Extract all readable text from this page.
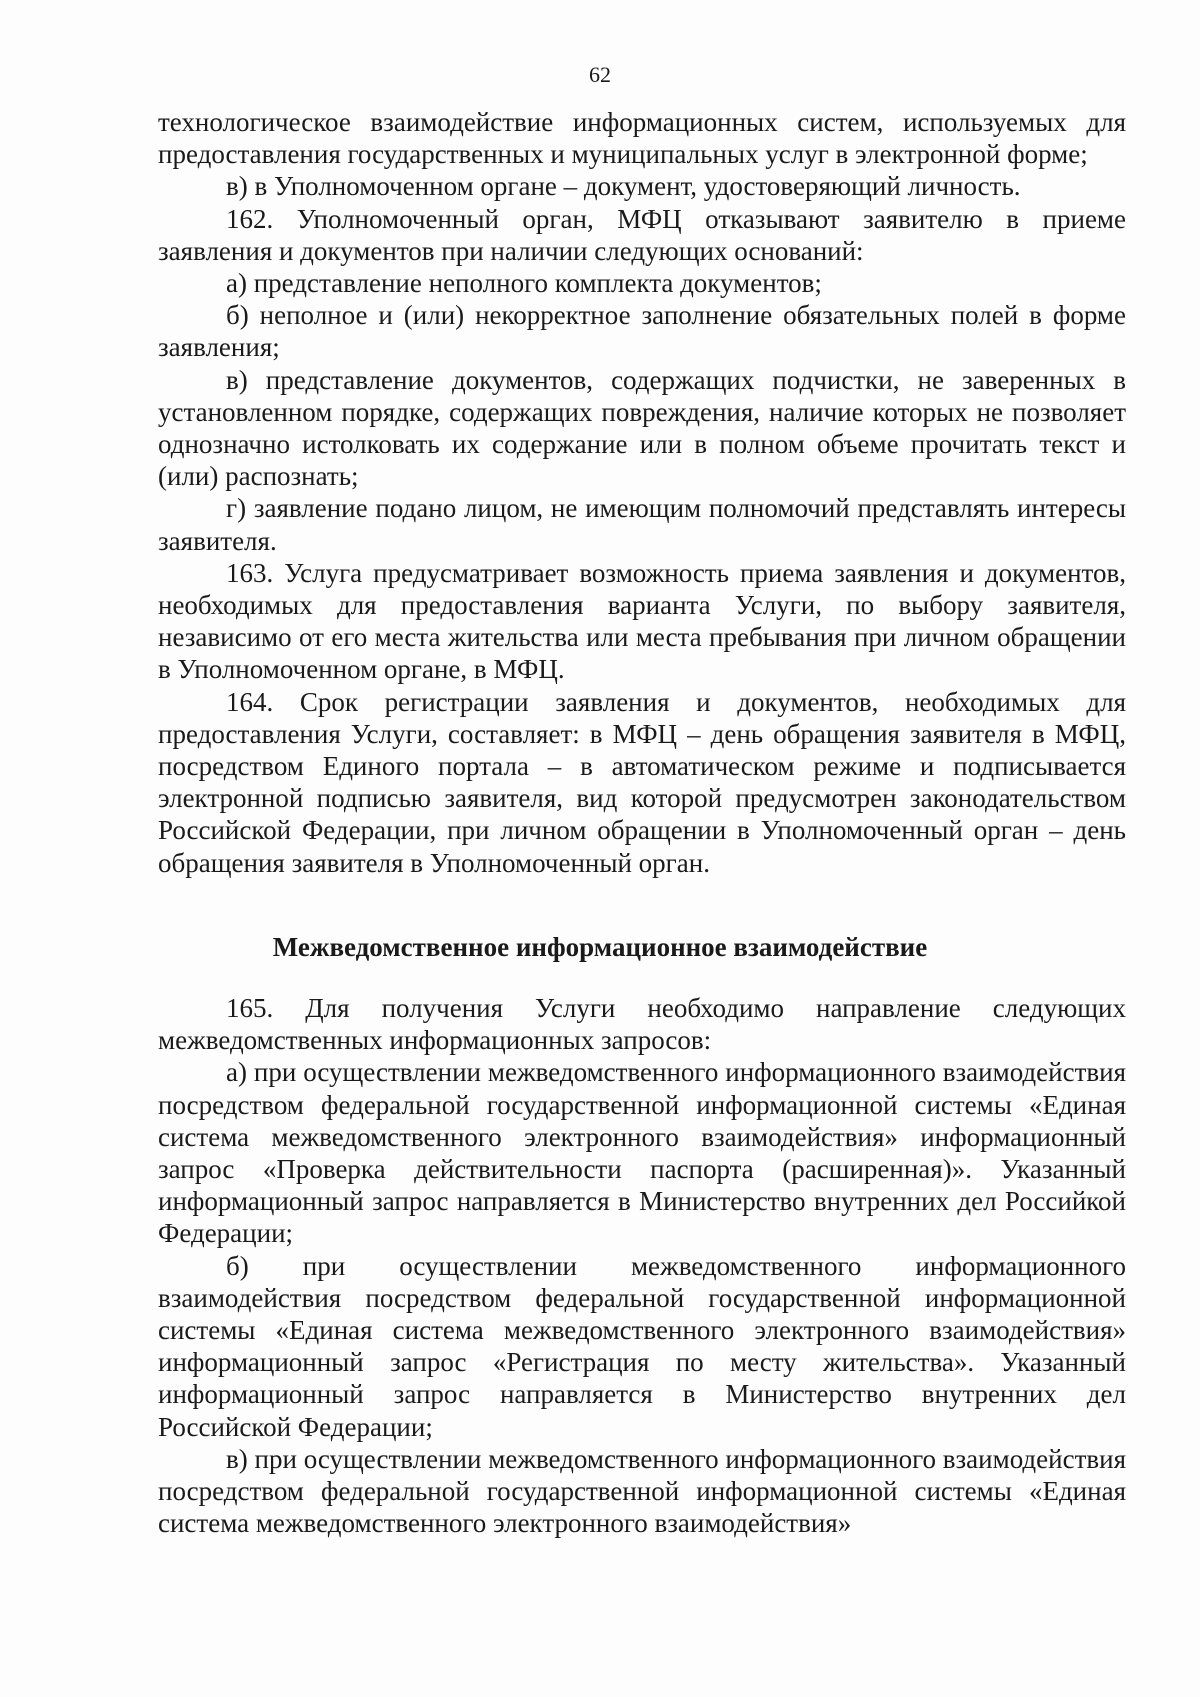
62

технологическое взаимодействие информационных систем, используемых для предоставления государственных и муниципальных услуг в электронной форме;

в) в Уполномоченном органе – документ, удостоверяющий личность.

162. Уполномоченный орган, МФЦ отказывают заявителю в приеме заявления и документов при наличии следующих оснований:

а) представление неполного комплекта документов;

б) неполное и (или) некорректное заполнение обязательных полей в форме заявления;

в) представление документов, содержащих подчистки, не заверенных в установленном порядке, содержащих повреждения, наличие которых не позволяет однозначно истолковать их содержание или в полном объеме прочитать текст и (или) распознать;

г) заявление подано лицом, не имеющим полномочий представлять интересы заявителя.

163. Услуга предусматривает возможность приема заявления и документов, необходимых для предоставления варианта Услуги, по выбору заявителя, независимо от его места жительства или места пребывания при личном обращении в Уполномоченном органе, в МФЦ.

164. Срок регистрации заявления и документов, необходимых для предоставления Услуги, составляет: в МФЦ – день обращения заявителя в МФЦ, посредством Единого портала – в автоматическом режиме и подписывается электронной подписью заявителя, вид которой предусмотрен законодательством Российской Федерации, при личном обращении в Уполномоченный орган – день обращения заявителя в Уполномоченный орган.

Межведомственное информационное взаимодействие

165. Для получения Услуги необходимо направление следующих межведомственных информационных запросов:

а) при осуществлении межведомственного информационного взаимодействия посредством федеральной государственной информационной системы «Единая система межведомственного электронного взаимодействия» информационный запрос «Проверка действительности паспорта (расширенная)». Указанный информационный запрос направляется в Министерство внутренних дел Российкой Федерации;

б) при осуществлении межведомственного информационного взаимодействия посредством федеральной государственной информационной системы «Единая система межведомственного электронного взаимодействия» информационный запрос «Регистрация по месту жительства». Указанный информационный запрос направляется в Министерство внутренних дел Российской Федерации;

в) при осуществлении межведомственного информационного взаимодействия посредством федеральной государственной информационной системы «Единая система межведомственного электронного взаимодействия»
